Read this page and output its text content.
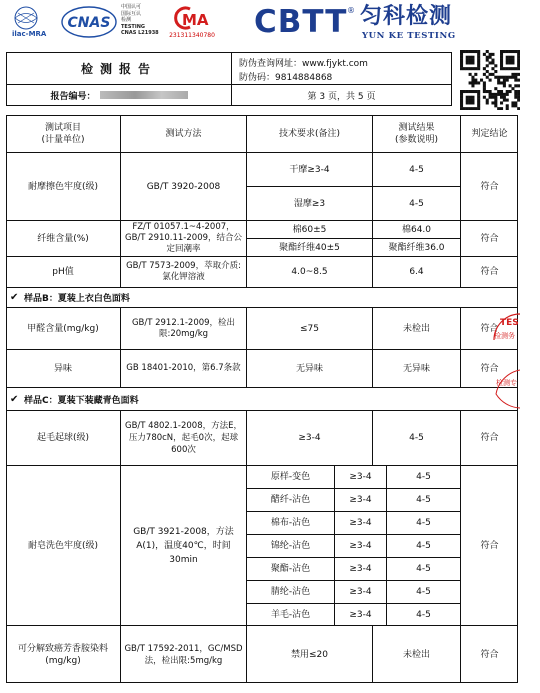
ilac-MRA
CNAS
中国认可
国际互认
检测
TESTING
CNAS L21938
MA
231311340780 CBTT ® 匀科检测
YUN KE TESTING
检测报告	防伪查询网址：www.fjykt.com
防伪码：9814884868
报告编号：	第 3 页，共 5 页
测试项目
(计量单位)
测试方法	技术要求(备注)
测试结果
(参数说明)
判定结论
耐摩擦色牢度(级)	GB/T 3920-2008
干摩≥3-4	4-5
湿摩≥3	4-5
符合
纤维含量(%)
FZ/T 01057.1~4-2007，GB/T 2910.11-2009，结合公定回潮率
棉60±5	棉64.0
聚酯纤维40±5	聚酯纤维36.0
符合
pH值
GB/T 7573-2009，萃取介质:氯化钾溶液	4.0~8.5	6.4	符合
✔ 样品B：夏装上衣白色面料
甲醛含量(mg/kg)
GB/T 2912.1-2009，检出限:20mg/kg	≤75	未检出	符合
异味	GB 18401-2010，第6.7条款	无异味	无异味	符合
✔ 样品C：夏装下装藏青色面料
起毛起球(级)
GB/T 4802.1-2008，方法E，压力780cN，起毛0次，起球600次
≥3-4	4-5	符合
耐皂洗色牢度(级)
GB/T 3921-2008，方法A(1)，温度40℃，时间30min
符合
原样-变色	≥3-4	4-5
醋纤-沾色	≥3-4	4-5
棉布-沾色	≥3-4	4-5
锦纶-沾色	≥3-4	4-5
聚酯-沾色	≥3-4	4-5
腈纶-沾色	≥3-4	4-5
羊毛-沾色	≥3-4	4-5
可分解致癌芳香胺染料(mg/kg)
GB/T 17592-2011，GC/MSD法，检出限:5mg/kg
禁用≤20	未检出	符合
TES
检测务
检测专
